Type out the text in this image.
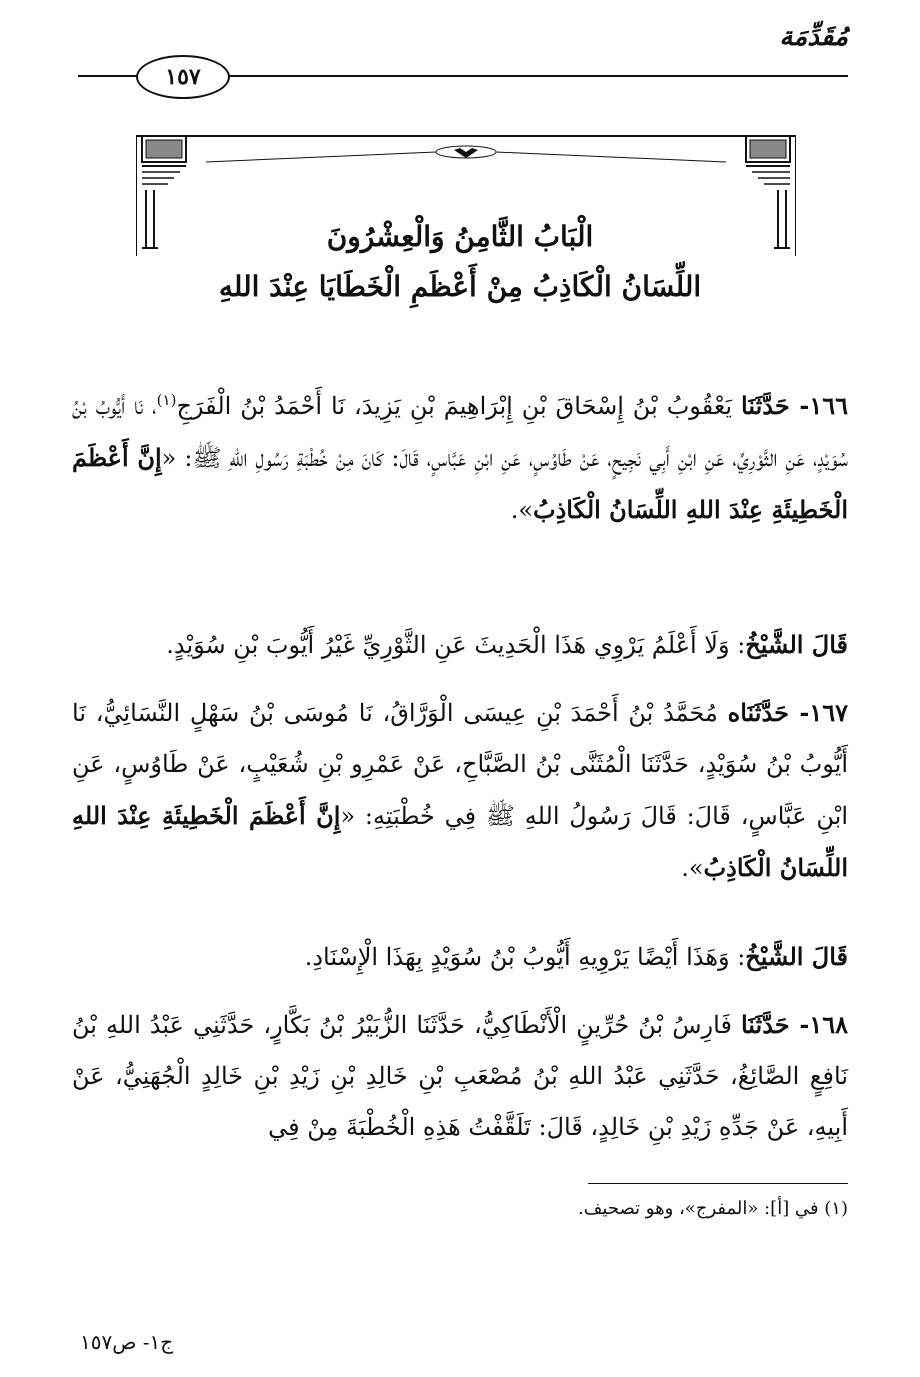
مُقَدِّمَة
١٥٧
الْبَابُ الثَّامِنُ وَالْعِشْرُونَ
اللِّسَانُ الْكَاذِبُ مِنْ أَعْظَمِ الْخَطَايَا عِنْدَ اللهِ
١٦٦- حَدَّثَنَا يَعْقُوبُ بْنُ إِسْحَاقَ بْنِ إِبْرَاهِيمَ بْنِ يَزِيدَ، نَا أَحْمَدُ بْنُ الْفَرَجِ$^{(١)}$، نَا أَيُّوبُ بْنُ سُوَيْدٍ، عَنِ الثَّوْرِيِّ، عَنِ ابْنِ أَبِي نَجِيحٍ، عَنْ طَاوُسٍ، عَنِ ابْنِ عَبَّاسٍ، قَالَ: كَانَ مِنْ خُطْبَةِ رَسُولِ اللهِ ﷺ: «إِنَّ أَعْظَمَ الْخَطِيئَةِ عِنْدَ اللهِ اللِّسَانُ الْكَاذِبُ».
قَالَ الشَّيْخُ: وَلَا أَعْلَمُ يَرْوِي هَذَا الْحَدِيثَ عَنِ الثَّوْرِيِّ غَيْرُ أَيُّوبَ بْنِ سُوَيْدٍ.
١٦٧- حَدَّثَنَاه مُحَمَّدُ بْنُ أَحْمَدَ بْنِ عِيسَى الْوَرَّاقُ، نَا مُوسَى بْنُ سَهْلٍ النَّسَائِيُّ، نَا أَيُّوبُ بْنُ سُوَيْدٍ، حَدَّثَنَا الْمُثَنَّى بْنُ الصَّبَّاحِ، عَنْ عَمْرِو بْنِ شُعَيْبٍ، عَنْ طَاوُسٍ، عَنِ ابْنِ عَبَّاسٍ، قَالَ: قَالَ رَسُولُ اللهِ ﷺ فِي خُطْبَتِهِ: «إِنَّ أَعْظَمَ الْخَطِيئَةِ عِنْدَ اللهِ اللِّسَانُ الْكَاذِبُ».
قَالَ الشَّيْخُ: وَهَذَا أَيْضًا يَرْوِيهِ أَيُّوبُ بْنُ سُوَيْدٍ بِهَذَا الْإِسْنَادِ.
١٦٨- حَدَّثَنَا فَارِسُ بْنُ حُرِّينٍ الْأَنْطَاكِيُّ، حَدَّثَنَا الزُّبَيْرُ بْنُ بَكَّارٍ، حَدَّثَنِي عَبْدُ اللهِ بْنُ نَافِعٍ الصَّائِغُ، حَدَّثَنِي عَبْدُ اللهِ بْنُ مُصْعَبِ بْنِ خَالِدِ بْنِ زَيْدِ بْنِ خَالِدٍ الْجُهَنِيُّ، عَنْ أَبِيهِ، عَنْ جَدِّهِ زَيْدِ بْنِ خَالِدٍ، قَالَ: تَلَقَّفْتُ هَذِهِ الْخُطْبَةَ مِنْ فِي
(١) في [أ]: «المفرج»، وهو تصحيف.
ج١- ص١٥٧
